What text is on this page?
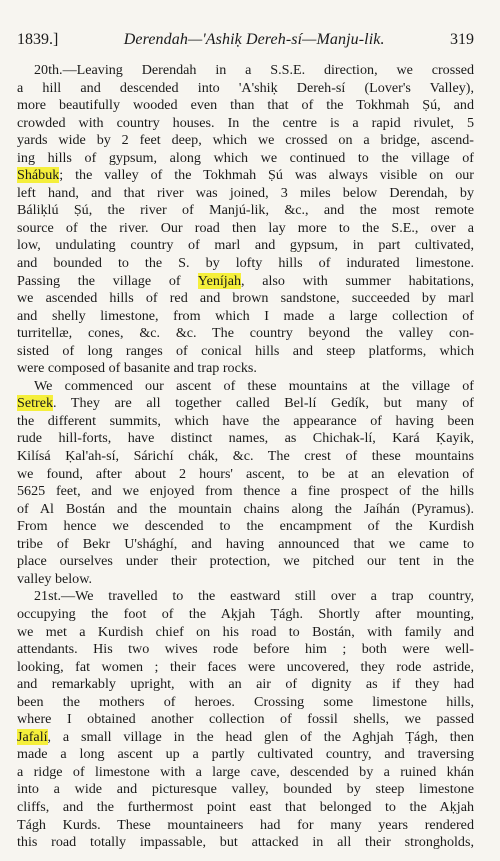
1839.]	Derendah—'Ashiḳ Dereh-sí—Manju-lik.	319
20th.—Leaving Derendah in a S.S.E. direction, we crossed
a hill and descended into 'A'shiḳ Dereh-sí (Lover's Valley),
more beautifully wooded even than that of the Tokhmah Ṣú, and
crowded with country houses. In the centre is a rapid rivulet, 5
yards wide by 2 feet deep, which we crossed on a bridge, ascend-
ing hills of gypsum, along which we continued to the village of
Shábuk; the valley of the Tokhmah Ṣú was always visible on our
left hand, and that river was joined, 3 miles below Derendah, by
Báliḳlú Ṣú, the river of Manjú-lik, &c., and the most remote
source of the river. Our road then lay more to the S.E., over a
low, undulating country of marl and gypsum, in part cultivated,
and bounded to the S. by lofty hills of indurated limestone.
Passing the village of Yeníjah, also with summer habitations,
we ascended hills of red and brown sandstone, succeeded by marl
and shelly limestone, from which I made a large collection of
turritellæ, cones, &c. &c. The country beyond the valley con-
sisted of long ranges of conical hills and steep platforms, which
were composed of basanite and trap rocks.
We commenced our ascent of these mountains at the village of
Setrek. They are all together called Bel-lí Gedík, but many of
the different summits, which have the appearance of having been
rude hill-forts, have distinct names, as Chichak-lí, Kará Ḳayik,
Kilísá Ḳal'ah-sí, Sárichí chák, &c. The crest of these mountains
we found, after about 2 hours' ascent, to be at an elevation of
5625 feet, and we enjoyed from thence a fine prospect of the hills
of Al Bostán and the mountain chains along the Jaíhán (Pyramus).
From hence we descended to the encampment of the Kurdish
tribe of Bekr U'shághí, and having announced that we came to
place ourselves under their protection, we pitched our tent in the
valley below.
21st.—We travelled to the eastward still over a trap country,
occupying the foot of the Aḳjah Ṭágh. Shortly after mounting,
we met a Kurdish chief on his road to Bostán, with family and
attendants. His two wives rode before him ; both were well-
looking, fat women ; their faces were uncovered, they rode astride,
and remarkably upright, with an air of dignity as if they had
been the mothers of heroes. Crossing some limestone hills,
where I obtained another collection of fossil shells, we passed
Jafalí, a small village in the head glen of the Aghjah Ṭágh, then
made a long ascent up a partly cultivated country, and traversing
a ridge of limestone with a large cave, descended by a ruined khán
into a wide and picturesque valley, bounded by steep limestone
cliffs, and the furthermost point east that belonged to the Aḳjah
Tágh Kurds. These mountaineers had for many years rendered
this road totally impassable, but attacked in all their strongholds,
